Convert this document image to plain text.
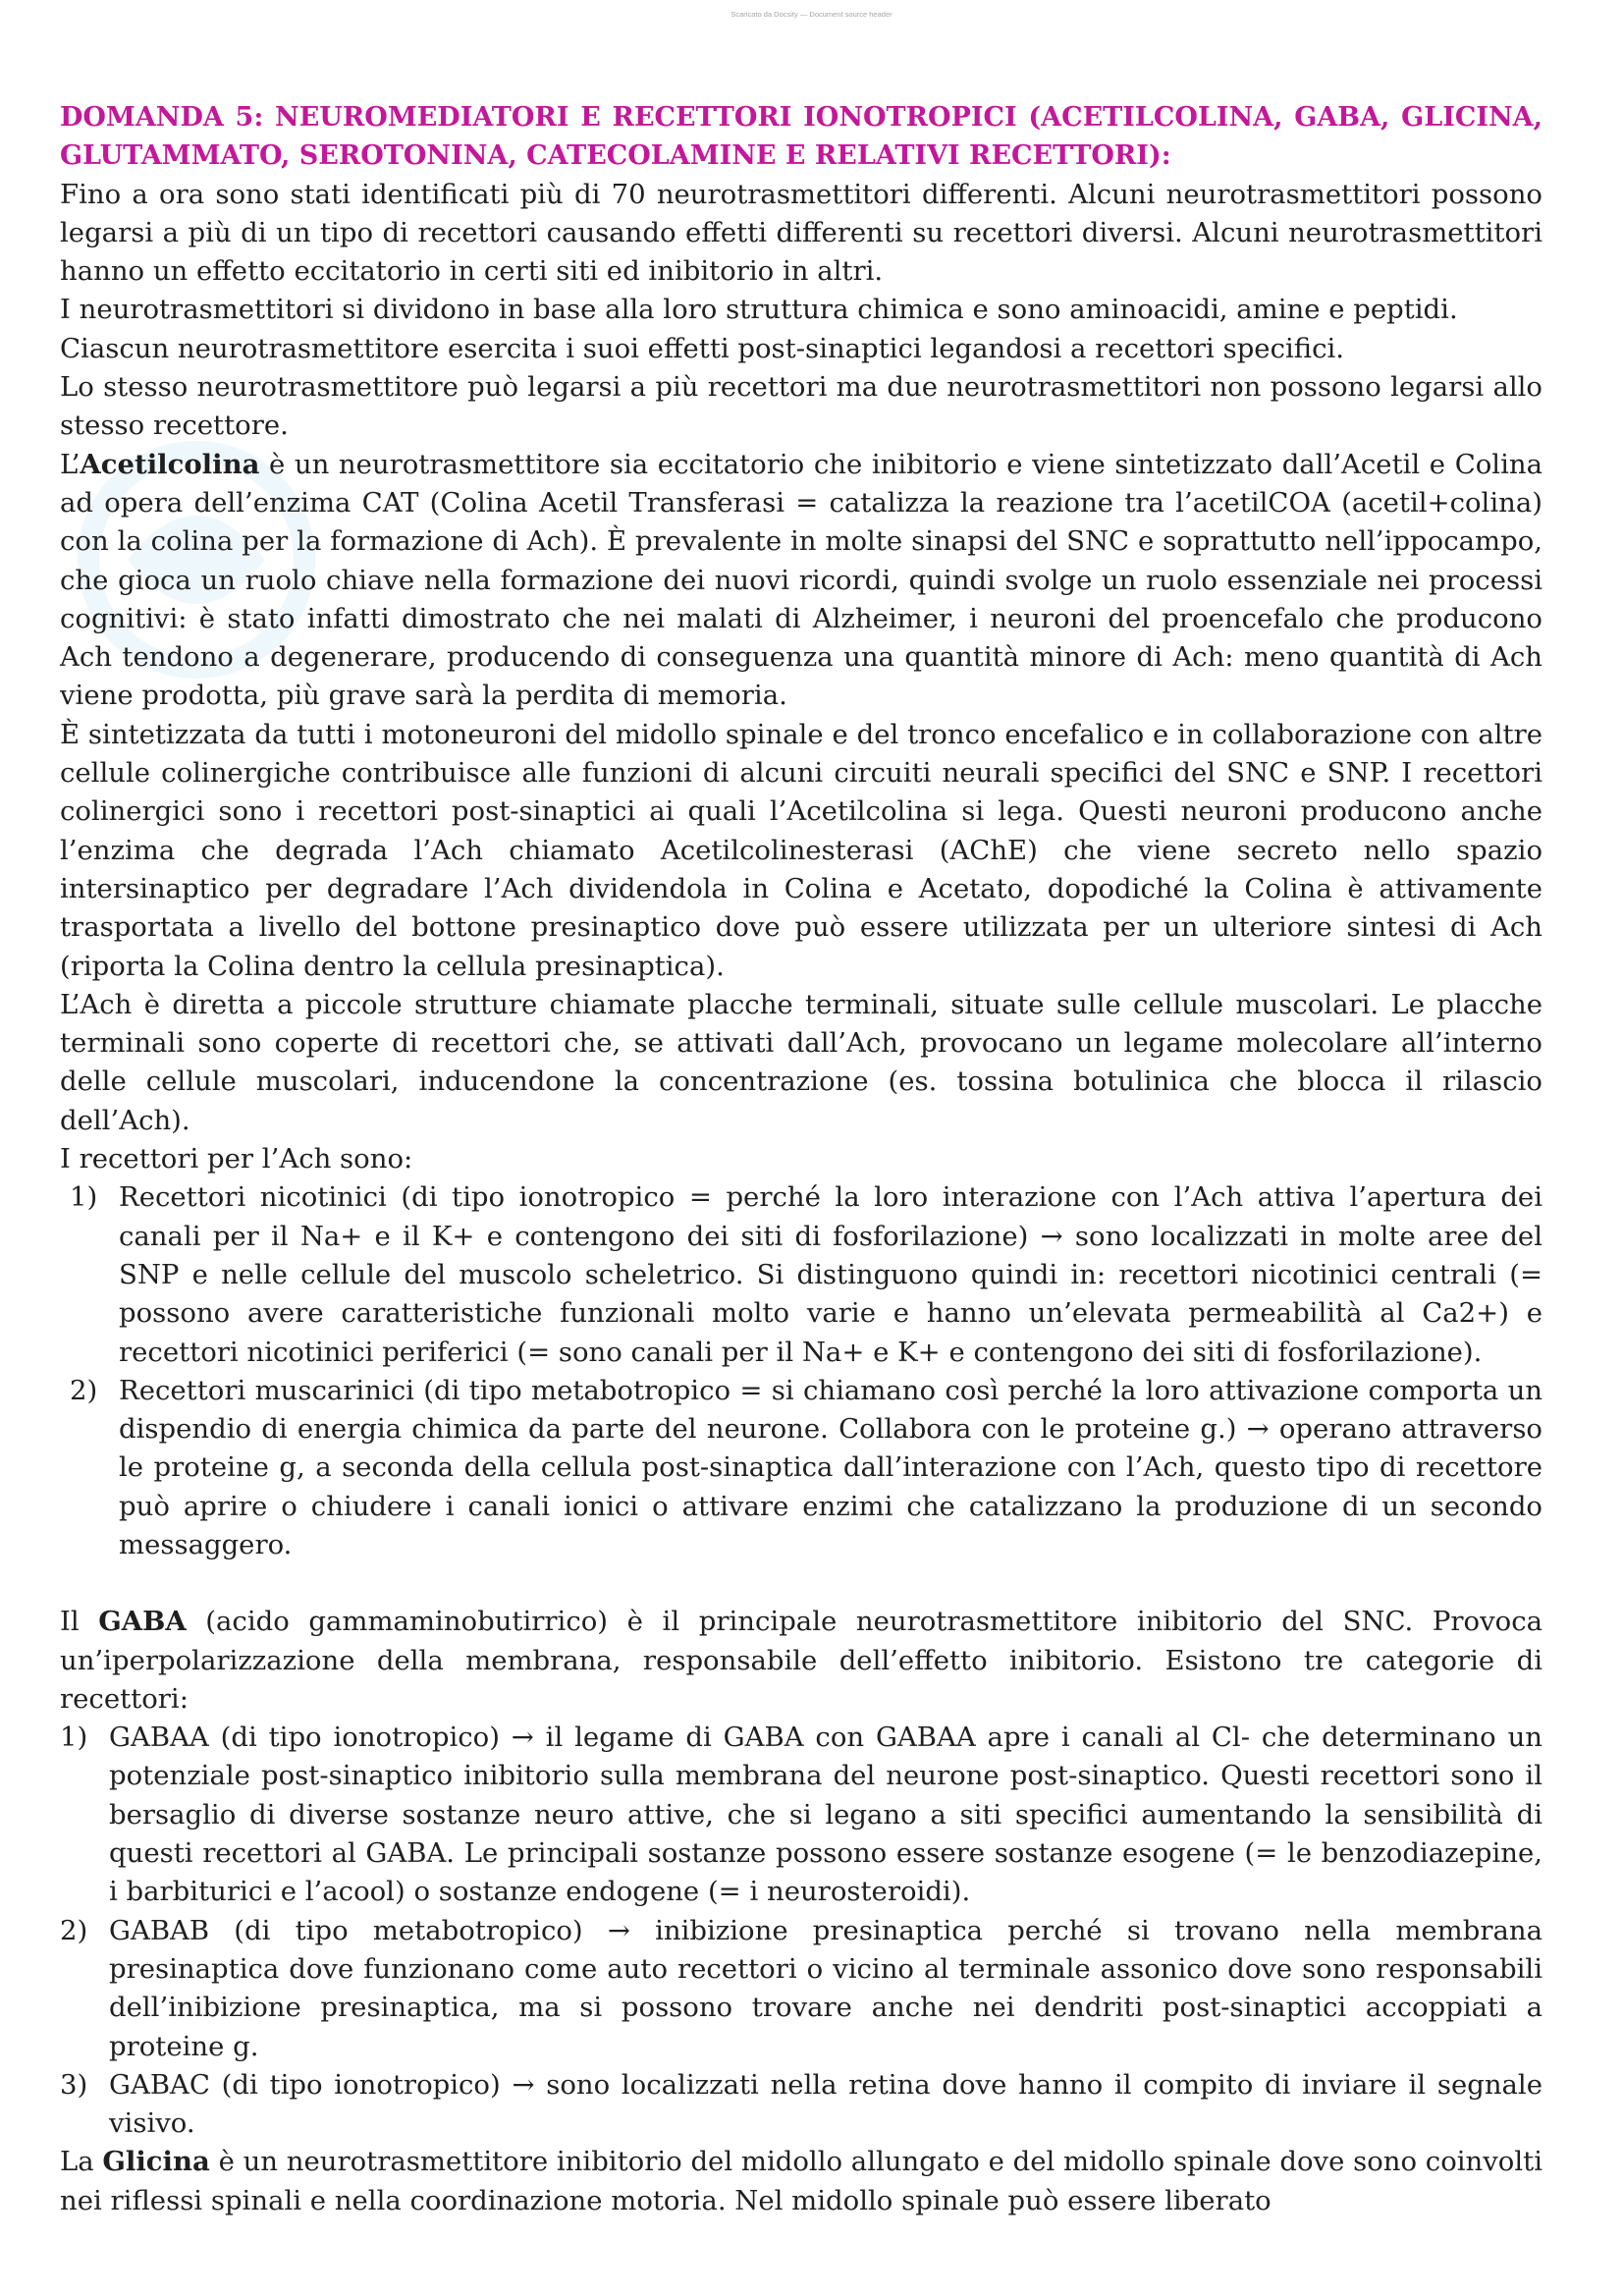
Scaricato da Docsity — Document source header
DOMANDA 5: NEUROMEDIATORI E RECETTORI IONOTROPICI (ACETILCOLINA, GABA, GLICINA,
GLUTAMMATO, SEROTONINA, CATECOLAMINE E RELATIVI RECETTORI):

Fino a ora sono stati identificati più di 70 neurotrasmettitori differenti. Alcuni neurotrasmettitori possono legarsi a più di un tipo di recettori causando effetti differenti su recettori diversi. Alcuni neurotrasmettitori hanno un effetto eccitatorio in certi siti ed inibitorio in altri.

I neurotrasmettitori si dividono in base alla loro struttura chimica e sono aminoacidi, amine e peptidi.

Ciascun neurotrasmettitore esercita i suoi effetti post-sinaptici legandosi a recettori specifici.

Lo stesso neurotrasmettitore può legarsi a più recettori ma due neurotrasmettitori non possono legarsi allo stesso recettore.

L’Acetilcolina è un neurotrasmettitore sia eccitatorio che inibitorio e viene sintetizzato dall’Acetil e Colina ad opera dell’enzima CAT (Colina Acetil Transferasi = catalizza la reazione tra l’acetilCOA (acetil+colina) con la colina per la formazione di Ach). È prevalente in molte sinapsi del SNC e soprattutto nell’ippocampo, che gioca un ruolo chiave nella formazione dei nuovi ricordi, quindi svolge un ruolo essenziale nei processi cognitivi: è stato infatti dimostrato che nei malati di Alzheimer, i neuroni del proencefalo che producono Ach tendono a degenerare, producendo di conseguenza una quantità minore di Ach: meno quantità di Ach viene prodotta, più grave sarà la perdita di memoria.

È sintetizzata da tutti i motoneuroni del midollo spinale e del tronco encefalico e in collaborazione con altre cellule colinergiche contribuisce alle funzioni di alcuni circuiti neurali specifici del SNC e SNP. I recettori colinergici sono i recettori post-sinaptici ai quali l’Acetilcolina si lega. Questi neuroni producono anche l’enzima che degrada l’Ach chiamato Acetilcolinesterasi (AChE) che viene secreto nello spazio intersinaptico per degradare l’Ach dividendola in Colina e Acetato, dopodiché la Colina è attivamente trasportata a livello del bottone presinaptico dove può essere utilizzata per un ulteriore sintesi di Ach (riporta la Colina dentro la cellula presinaptica).

L’Ach è diretta a piccole strutture chiamate placche terminali, situate sulle cellule muscolari. Le placche terminali sono coperte di recettori che, se attivati dall’Ach, provocano un legame molecolare all’interno delle cellule muscolari, inducendone la concentrazione (es. tossina botulinica che blocca il rilascio dell’Ach).

I recettori per l’Ach sono:

1) Recettori nicotinici (di tipo ionotropico = perché la loro interazione con l’Ach attiva l’apertura dei canali per il Na+ e il K+ e contengono dei siti di fosforilazione) → sono localizzati in molte aree del SNP e nelle cellule del muscolo scheletrico. Si distinguono quindi in: recettori nicotinici centrali (= possono avere caratteristiche funzionali molto varie e hanno un’elevata permeabilità al Ca2+) e recettori nicotinici periferici (= sono canali per il Na+ e K+ e contengono dei siti di fosforilazione).
2) Recettori muscarinici (di tipo metabotropico = si chiamano così perché la loro attivazione comporta un dispendio di energia chimica da parte del neurone. Collabora con le proteine g.) → operano attraverso le proteine g, a seconda della cellula post-sinaptica dall’interazione con l’Ach, questo tipo di recettore può aprire o chiudere i canali ionici o attivare enzimi che catalizzano la produzione di un secondo messaggero.

Il GABA (acido gammaminobutirrico) è il principale neurotrasmettitore inibitorio del SNC. Provoca un’iperpolarizzazione della membrana, responsabile dell’effetto inibitorio. Esistono tre categorie di recettori:

1) GABAA (di tipo ionotropico) → il legame di GABA con GABAA apre i canali al Cl- che determinano un potenziale post-sinaptico inibitorio sulla membrana del neurone post-sinaptico. Questi recettori sono il bersaglio di diverse sostanze neuro attive, che si legano a siti specifici aumentando la sensibilità di questi recettori al GABA. Le principali sostanze possono essere sostanze esogene (= le benzodiazepine, i barbiturici e l’acool) o sostanze endogene (= i neurosteroidi).
2) GABAB (di tipo metabotropico) → inibizione presinaptica perché si trovano nella membrana presinaptica dove funzionano come auto recettori o vicino al terminale assonico dove sono responsabili dell’inibizione presinaptica, ma si possono trovare anche nei dendriti post-sinaptici accoppiati a proteine g.
3) GABAC (di tipo ionotropico) → sono localizzati nella retina dove hanno il compito di inviare il segnale visivo.

La Glicina è un neurotrasmettitore inibitorio del midollo allungato e del midollo spinale dove sono coinvolti nei riflessi spinali e nella coordinazione motoria. Nel midollo spinale può essere liberato
